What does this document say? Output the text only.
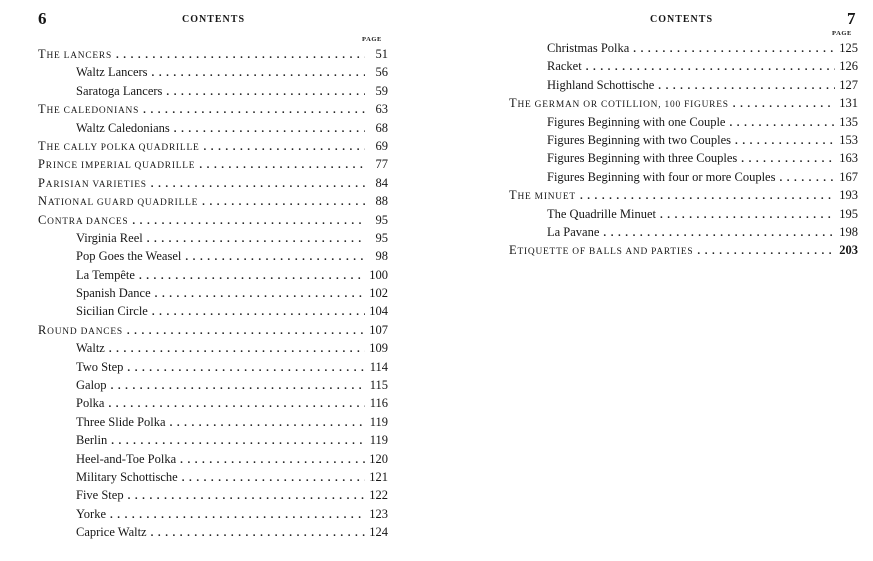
6	CONTENTS
PAGE
THE LANCERS . . .	51
Waltz Lancers . . .	56
Saratoga Lancers . . .	59
THE CALEDONIANS . . .	63
Waltz Caledonians . . .	68
THE CALLY POLKA QUADRILLE . . .	69
PRINCE IMPERIAL QUADRILLE . . .	77
PARISIAN VARIETIES . . .	84
NATIONAL GUARD QUADRILLE . . .	88
CONTRA DANCES . . .	95
Virginia Reel . . .	95
Pop Goes the Weasel . . .	98
La Tempête . . .	100
Spanish Dance . . .	102
Sicilian Circle . . .	104
ROUND DANCES . . .	107
Waltz . . .	109
Two Step . . .	114
Galop . . .	115
Polka . . .	116
Three Slide Polka . . .	119
Berlin . . .	119
Heel-and-Toe Polka . . .	120
Military Schottische . . .	121
Five Step . . .	122
Yorke . . .	123
Caprice Waltz . . .	124
7
CONTENTS
PAGE
Christmas Polka . . .	125
Racket . . .	126
Highland Schottische . . .	127
THE GERMAN OR COTILLION, 100 FIGURES . . .	131
Figures Beginning with one Couple . . .	135
Figures Beginning with two Couples . . .	153
Figures Beginning with three Couples . . .	163
Figures Beginning with four or more Couples . . .	167
THE MINUET . . .	193
The Quadrille Minuet . . .	195
La Pavane . . .	198
ETIQUETTE OF BALLS AND PARTIES . . .	203
